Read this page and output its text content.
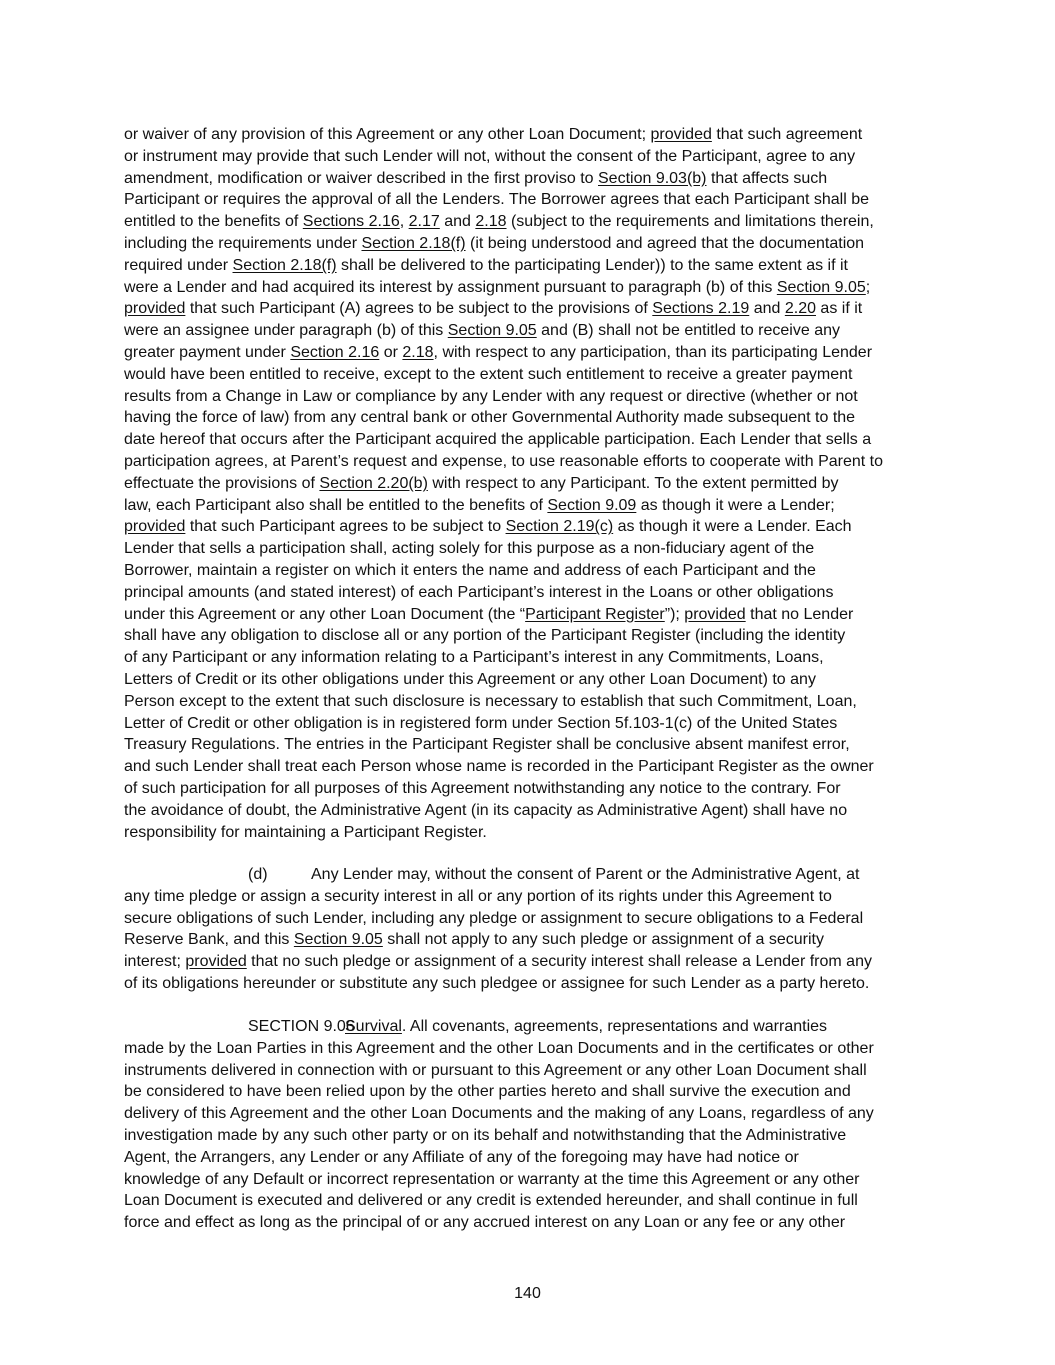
or waiver of any provision of this Agreement or any other Loan Document; provided that such agreement
or instrument may provide that such Lender will not, without the consent of the Participant, agree to any
amendment, modification or waiver described in the first proviso to Section 9.03(b) that affects such
Participant or requires the approval of all the Lenders. The Borrower agrees that each Participant shall be
entitled to the benefits of Sections 2.16, 2.17 and 2.18 (subject to the requirements and limitations therein,
including the requirements under Section 2.18(f) (it being understood and agreed that the documentation
required under Section 2.18(f) shall be delivered to the participating Lender)) to the same extent as if it
were a Lender and had acquired its interest by assignment pursuant to paragraph (b) of this Section 9.05;
provided that such Participant (A) agrees to be subject to the provisions of Sections 2.19 and 2.20 as if it
were an assignee under paragraph (b) of this Section 9.05 and (B) shall not be entitled to receive any
greater payment under Section 2.16 or 2.18, with respect to any participation, than its participating Lender
would have been entitled to receive, except to the extent such entitlement to receive a greater payment
results from a Change in Law or compliance by any Lender with any request or directive (whether or not
having the force of law) from any central bank or other Governmental Authority made subsequent to the
date hereof that occurs after the Participant acquired the applicable participation. Each Lender that sells a
participation agrees, at Parent’s request and expense, to use reasonable efforts to cooperate with Parent to
effectuate the provisions of Section 2.20(b) with respect to any Participant. To the extent permitted by
law, each Participant also shall be entitled to the benefits of Section 9.09 as though it were a Lender;
provided that such Participant agrees to be subject to Section 2.19(c) as though it were a Lender. Each
Lender that sells a participation shall, acting solely for this purpose as a non-fiduciary agent of the
Borrower, maintain a register on which it enters the name and address of each Participant and the
principal amounts (and stated interest) of each Participant’s interest in the Loans or other obligations
under this Agreement or any other Loan Document (the “Participant Register”); provided that no Lender
shall have any obligation to disclose all or any portion of the Participant Register (including the identity
of any Participant or any information relating to a Participant’s interest in any Commitments, Loans,
Letters of Credit or its other obligations under this Agreement or any other Loan Document) to any
Person except to the extent that such disclosure is necessary to establish that such Commitment, Loan,
Letter of Credit or other obligation is in registered form under Section 5f.103-1(c) of the United States
Treasury Regulations. The entries in the Participant Register shall be conclusive absent manifest error,
and such Lender shall treat each Person whose name is recorded in the Participant Register as the owner
of such participation for all purposes of this Agreement notwithstanding any notice to the contrary. For
the avoidance of doubt, the Administrative Agent (in its capacity as Administrative Agent) shall have no
responsibility for maintaining a Participant Register.
(d)	Any Lender may, without the consent of Parent or the Administrative Agent, at
any time pledge or assign a security interest in all or any portion of its rights under this Agreement to
secure obligations of such Lender, including any pledge or assignment to secure obligations to a Federal
Reserve Bank, and this Section 9.05 shall not apply to any such pledge or assignment of a security
interest; provided that no such pledge or assignment of a security interest shall release a Lender from any
of its obligations hereunder or substitute any such pledgee or assignee for such Lender as a party hereto.
SECTION 9.06Survival. All covenants, agreements, representations and warranties
made by the Loan Parties in this Agreement and the other Loan Documents and in the certificates or other
instruments delivered in connection with or pursuant to this Agreement or any other Loan Document shall
be considered to have been relied upon by the other parties hereto and shall survive the execution and
delivery of this Agreement and the other Loan Documents and the making of any Loans, regardless of any
investigation made by any such other party or on its behalf and notwithstanding that the Administrative
Agent, the Arrangers, any Lender or any Affiliate of any of the foregoing may have had notice or
knowledge of any Default or incorrect representation or warranty at the time this Agreement or any other
Loan Document is executed and delivered or any credit is extended hereunder, and shall continue in full
force and effect as long as the principal of or any accrued interest on any Loan or any fee or any other
140
